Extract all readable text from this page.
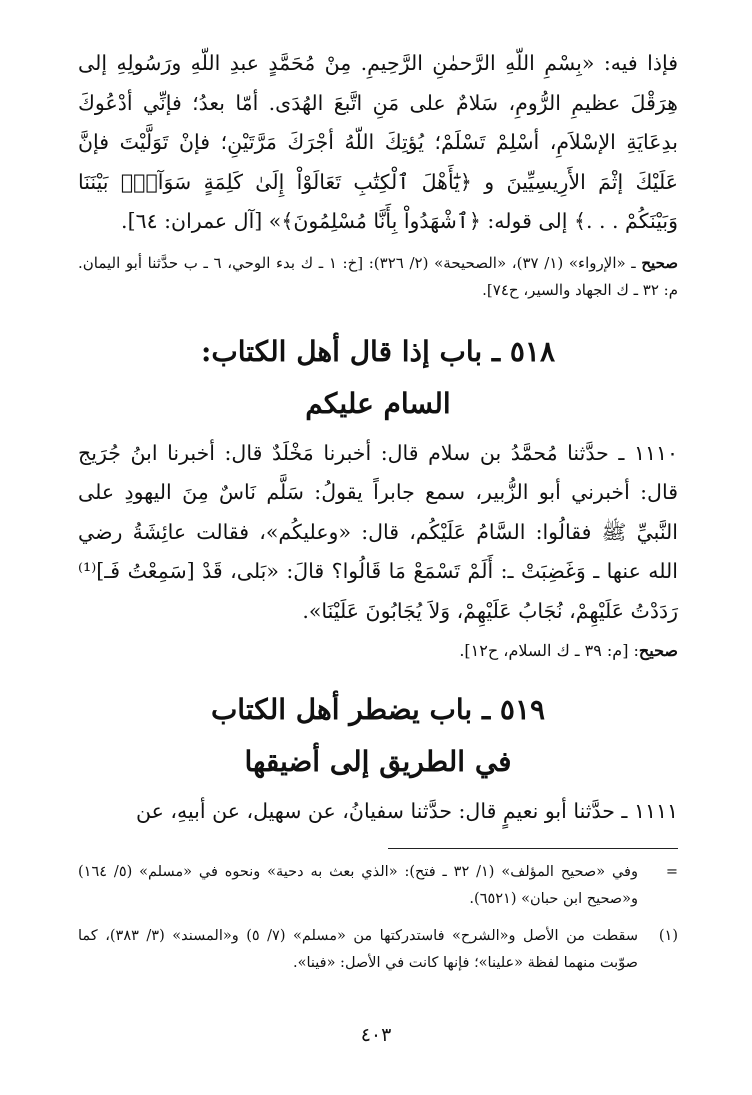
فإذا فيه: «بِسْمِ اللّهِ الرَّحمٰنِ الرَّحِيمِ. مِنْ مُحَمَّدٍ عبدِ اللّهِ ورَسُولِهِ إلى هِرَقْلَ عظيمِ الرُّومِ، سَلامٌ على مَنِ اتَّبعَ الهُدَى. أمّا بعدُ؛ فإنِّي أدْعُوكَ بدِعَايَةِ الإسْلاَمِ، أسْلِمْ تَسْلَمْ؛ يُؤتِكَ اللّهُ أجْرَكَ مَرَّتَيْنِ؛ فإنْ تَوَلَّيْتَ فإنَّ عَلَيْكَ إثْمَ الأَرِيسِيِّينَ و ﴿يَٰٓأَهْلَ ٱلْكِتَٰبِ تَعَالَوْاْ إِلَىٰ كَلِمَةٍ سَوَآءٍۭ بَيْنَنَا وَبَيْنَكُمْ . . .﴾ إلى قوله: ﴿ٱشْهَدُواْ بِأَنَّا مُسْلِمُونَ﴾» [آل عمران: ٦٤].

صحيح ـ «الإرواء» (١/ ٣٧)، «الصحيحة» (٢/ ٣٢٦): [خ: ١ ـ ك بدء الوحي، ٦ ـ ب حدَّثنا أبو اليمان. م: ٣٢ ـ ك الجهاد والسير، ح٧٤].

٥١٨ ـ باب إذا قال أهل الكتاب:
السام عليكم

١١١٠ ـ حدَّثنا مُحمَّدُ بن سلام قال: أخبرنا مَخْلَدٌ قال: أخبرنا ابنُ جُرَيج قال: أخبرني أبو الزُّبير، سمع جابراً يقولُ: سَلَّم نَاسٌ مِنَ اليهودِ على النَّبيِّ ﷺ فقالُوا: السَّامُ عَلَيْكُم، قال: «وعليكُم»، فقالت عائِشَةُ رضي الله عنها ـ وَغَضِبَتْ ـ: أَلَمْ تَسْمَعْ مَا قَالُوا؟ قالَ: «بَلى، قَدْ [سَمِعْتُ فَـ]⁽¹⁾ رَدَدْتُ عَلَيْهِمْ، نُجَابُ عَلَيْهِمْ، وَلاَ يُجَابُونَ عَلَيْنَا».

صحيح: [م: ٣٩ ـ ك السلام، ح١٢].

٥١٩ ـ باب يضطر أهل الكتاب
في الطريق إلى أضيقها

١١١١ ـ حدَّثنا أبو نعيمٍ قال: حدَّثنا سفيانُ، عن سهيل، عن أبيهِ، عن

=
وفي «صحيح المؤلف» (١/ ٣٢ ـ فتح): «الذي بعث به دحية» ونحوه في «مسلم» (٥/ ١٦٤) و«صحيح ابن حبان» (٦٥٢١).
(١)
سقطت من الأصل و«الشرح» فاستدركتها من «مسلم» (٧/ ٥) و«المسند» (٣/ ٣٨٣)، كما صوّبت منهما لفظة «علينا»؛ فإنها كانت في الأصل: «فينا».
٤٠٣
